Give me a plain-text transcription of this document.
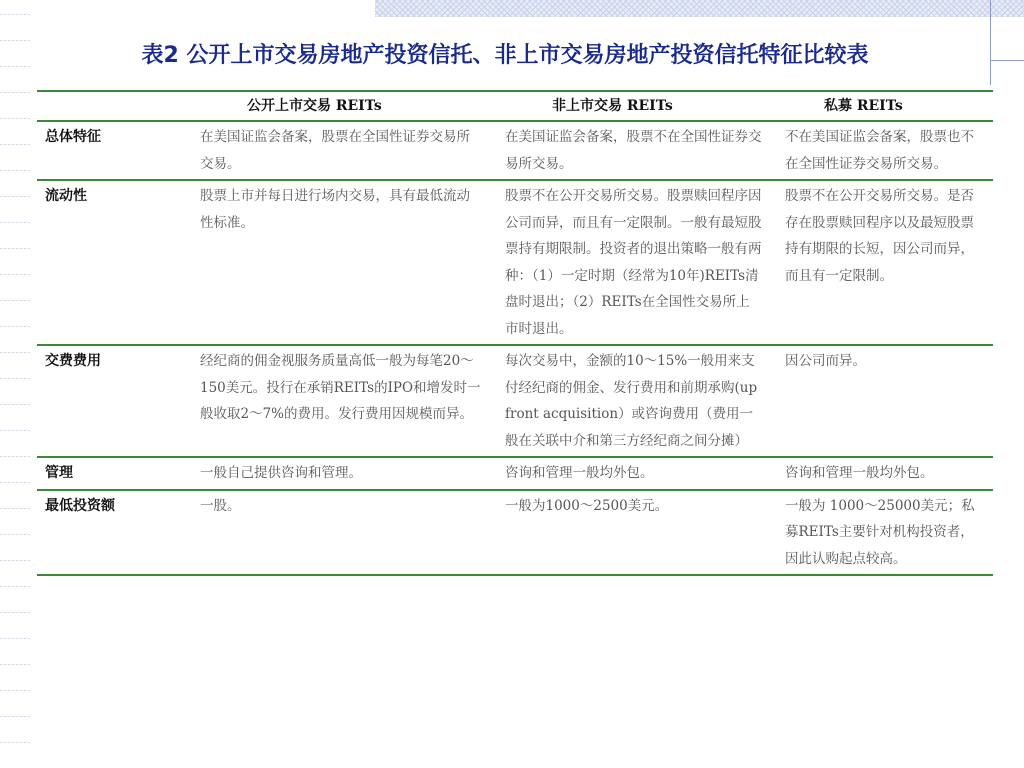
表2 公开上市交易房地产投资信托、非上市交易房地产投资信托特征比较表
	公开上市交易 REITs	非上市交易 REITs	私募 REITs
总体特征	在美国证监会备案，股票在全国性证券交易所交易。	在美国证监会备案，股票不在全国性证券交易所交易。	不在美国证监会备案，股票也不在全国性证券交易所交易。
流动性	股票上市并每日进行场内交易，具有最低流动性标准。	股票不在公开交易所交易。股票赎回程序因公司而异，而且有一定限制。一般有最短股票持有期限制。投资者的退出策略一般有两种：（1）一定时期（经常为10年)REITs清盘时退出；（2）REITs在全国性交易所上市时退出。	股票不在公开交易所交易。是否存在股票赎回程序以及最短股票持有期限的长短，因公司而异，而且有一定限制。
交费费用	经纪商的佣金视服务质量高低一般为每笔20～150美元。投行在承销REITs的IPO和增发时一般收取2～7%的费用。发行费用因规模而异。	每次交易中，金额的10～15%一般用来支付经纪商的佣金、发行费用和前期承购(up front acquisition）或咨询费用（费用一般在关联中介和第三方经纪商之间分摊）	因公司而异。
管理	一般自己提供咨询和管理。	咨询和管理一般均外包。	咨询和管理一般均外包。
最低投资额	一股。	一般为1000～2500美元。	一般为 1000～25000美元；私募REITs主要针对机构投资者，因此认购起点较高。
